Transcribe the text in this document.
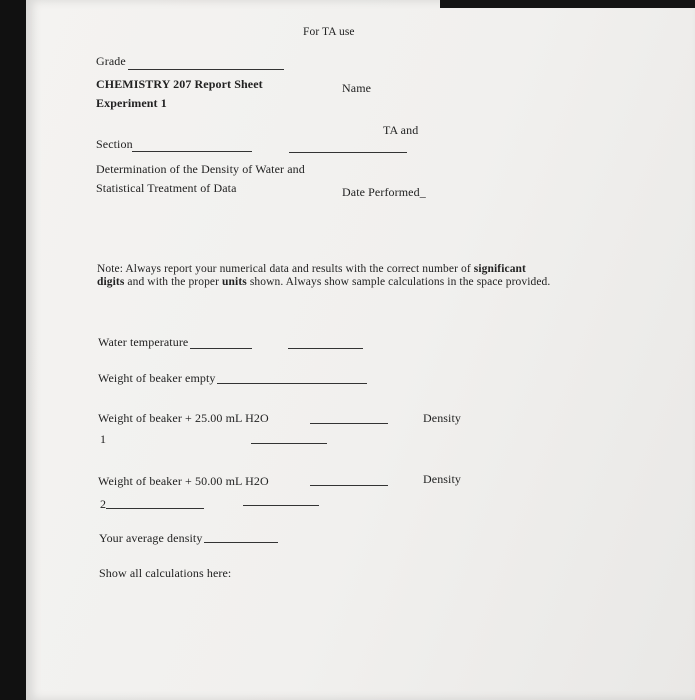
For TA use
Grade
CHEMISTRY 207 Report Sheet
Experiment 1
Name
TA and
Section
Determination of the Density of Water and
Statistical Treatment of Data	Date Performed_
Note: Always report your numerical data and results with the correct number of significant
digits and with the proper units shown. Always show sample calculations in the space provided.
Water temperature
Weight of beaker empty
Weight of beaker + 25.00 mL H2O	Density
1
Weight of beaker + 50.00 mL H2O	Density
2
Your average density
Show all calculations here:
